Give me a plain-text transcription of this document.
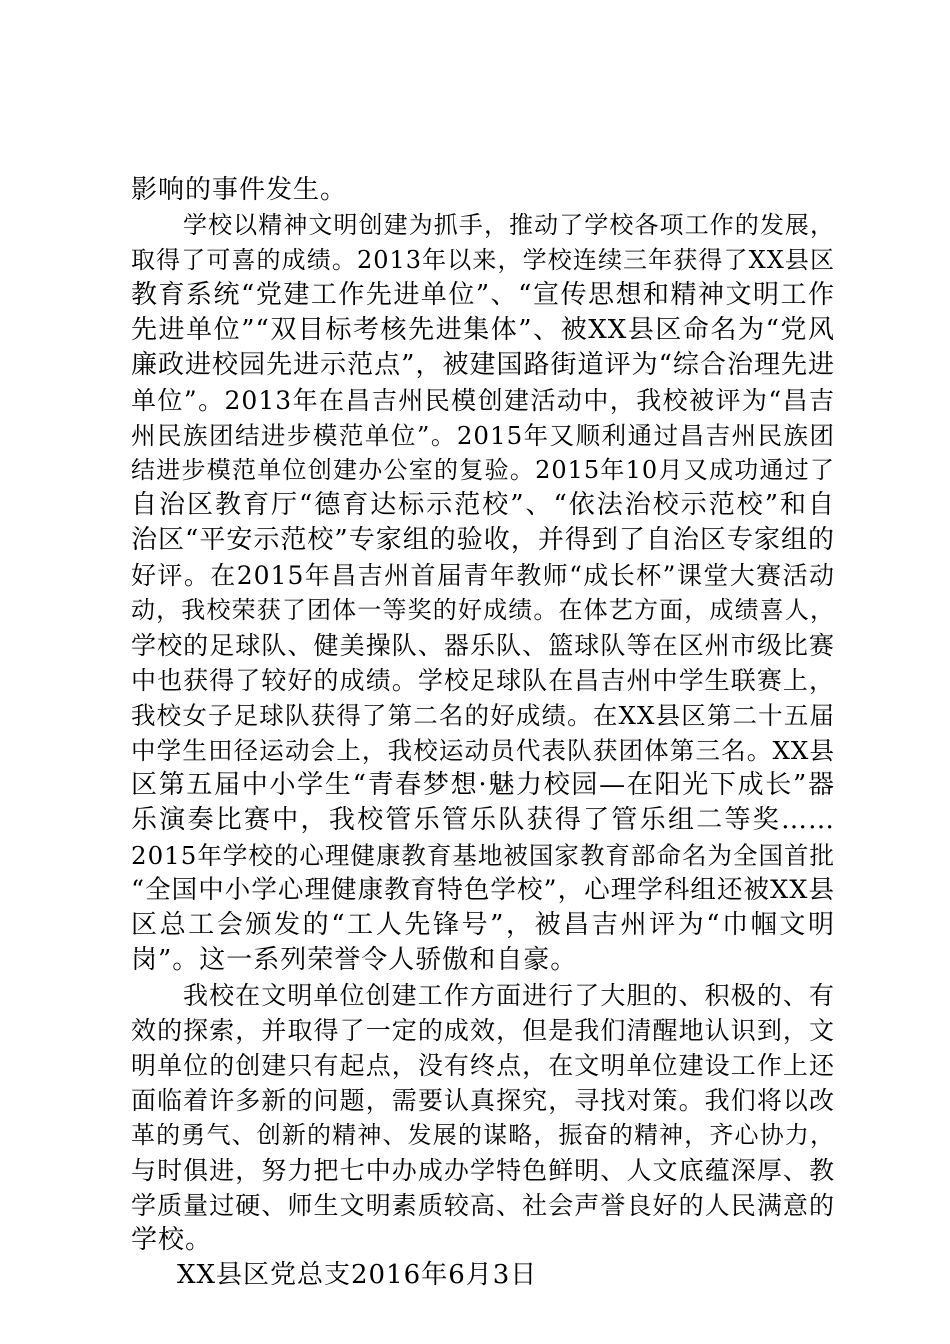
影响的事件发生。
学校以精神文明创建为抓手，推动了学校各项工作的发展，
取得了可喜的成绩。2013年以来，学校连续三年获得了XX县区
教育系统“党建工作先进单位”、“宣传思想和精神文明工作
先进单位”“双目标考核先进集体”、被XX县区命名为“党风
廉政进校园先进示范点”，被建国路街道评为“综合治理先进
单位”。2013年在昌吉州民模创建活动中，我校被评为“昌吉
州民族团结进步模范单位”。2015年又顺利通过昌吉州民族团
结进步模范单位创建办公室的复验。2015年10月又成功通过了
自治区教育厅“德育达标示范校”、“依法治校示范校”和自
治区“平安示范校”专家组的验收，并得到了自治区专家组的
好评。在2015年昌吉州首届青年教师“成长杯”课堂大赛活动
动，我校荣获了团体一等奖的好成绩。在体艺方面，成绩喜人，
学校的足球队、健美操队、器乐队、篮球队等在区州市级比赛
中也获得了较好的成绩。学校足球队在昌吉州中学生联赛上，
我校女子足球队获得了第二名的好成绩。在XX县区第二十五届
中学生田径运动会上，我校运动员代表队获团体第三名。XX县
区第五届中小学生“青春梦想·魅力校园—在阳光下成长”器
乐演奏比赛中，我校管乐管乐队获得了管乐组二等奖……
2015年学校的心理健康教育基地被国家教育部命名为全国首批
“全国中小学心理健康教育特色学校”，心理学科组还被XX县
区总工会颁发的“工人先锋号”，被昌吉州评为“巾帼文明
岗”。这一系列荣誉令人骄傲和自豪。
我校在文明单位创建工作方面进行了大胆的、积极的、有
效的探索，并取得了一定的成效，但是我们清醒地认识到，文
明单位的创建只有起点，没有终点，在文明单位建设工作上还
面临着许多新的问题，需要认真探究，寻找对策。我们将以改
革的勇气、创新的精神、发展的谋略，振奋的精神，齐心协力，
与时俱进，努力把七中办成办学特色鲜明、人文底蕴深厚、教
学质量过硬、师生文明素质较高、社会声誉良好的人民满意的
学校。
XX县区党总支2016年6月3日
